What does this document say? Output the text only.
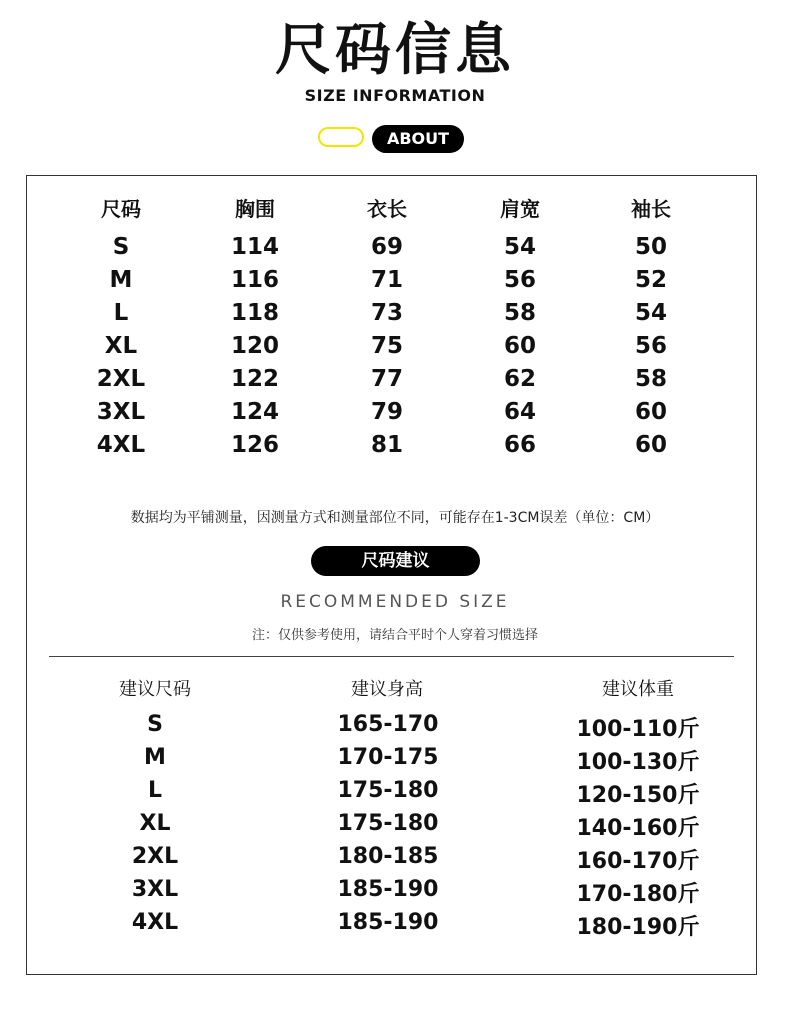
尺码信息
SIZE INFORMATION
ABOUT
尺码	胸围	衣长	肩宽	袖长
S	114	69	54	50
M	116	71	56	52
L	118	73	58	54
XL	120	75	60	56
2XL	122	77	62	58
3XL	124	79	64	60
4XL	126	81	66	60
数据均为平铺测量，因测量方式和测量部位不同，可能存在1-3CM误差（单位：CM）
尺码建议
RECOMMENDED SIZE
注：仅供参考使用，请结合平时个人穿着习惯选择
建议尺码	建议身高	建议体重
S	165-170	100-110斤
M	170-175	100-130斤
L	175-180	120-150斤
XL	175-180	140-160斤
2XL	180-185	160-170斤
3XL	185-190	170-180斤
4XL	185-190	180-190斤
